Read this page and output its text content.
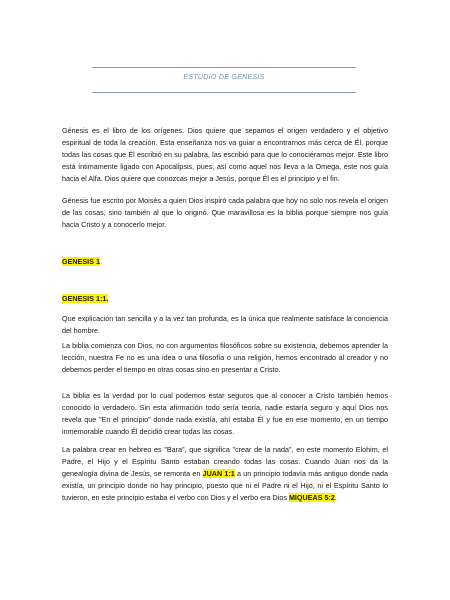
ESTUDIO DE GENESIS

Génesis es el libro de los orígenes. Dios quiere que sepamos el origen verdadero y el objetivo espiritual de toda la creación. Esta enseñanza nos va guiar a encontrarnos más cerca de Él, porque todas las cosas que Él escribió en su palabra, las escribió para que lo conociéramos mejor. Este libro está íntimamente ligado con Apocalipsis, pues, así como aquel nos lleva a la Omega, este nos guía hacia el Alfa. Dios quiere que conozcas mejor a Jesús, porque Él es el principio y el fin.

Génesis fue escrito por Moisés a quien Dios inspiró cada palabra que hoy no solo nos revela el origen de las cosas, sino también al que lo originó. Que maravillosa es la biblia porque siempre nos guía hacia Cristo y a conocerlo mejor.

GENESIS 1

GENESIS 1:1.

Que explicación tan sencilla y a la vez tan profunda, es la única que realmente satisface la conciencia del hombre.

La biblia comienza con Dios, no con argumentos filosóficos sobre su existencia, debemos aprender la lección, nuestra Fe no es una idea o una filosofía o una religión, hemos encontrado al creador y no debemos perder el tiempo en otras cosas sino en presentar a Cristo.

La biblia es la verdad por lo cual podemos estar seguros que al conocer a Cristo también hemos conocido lo verdadero. Sin esta afirmación todo sería teoría, nadie estaría seguro y aquí Dios nos revela que "En el principio" donde nada existía, ahí estaba Él y fue en ese momento, en un tiempo inmemorable cuando Él decidió crear todas las cosas.

La palabra crear en hebreo es "Bara", que significa "crear de la nada", en este momento Elohim, el Padre, el Hijo y el Espíritu Santo estaban creando todas las cosas. Cuando Juan nos da la genealogía divina de Jesús, se remonta en JUAN 1:1 a un principio todavía más antiguo donde nada existía, un principio donde no hay principio, puesto que ni el Padre ni el Hijo, ni el Espíritu Santo lo tuvieron, en este principio estaba el verbo con Dios y el verbo era Dios MIQUEAS 5:2.
